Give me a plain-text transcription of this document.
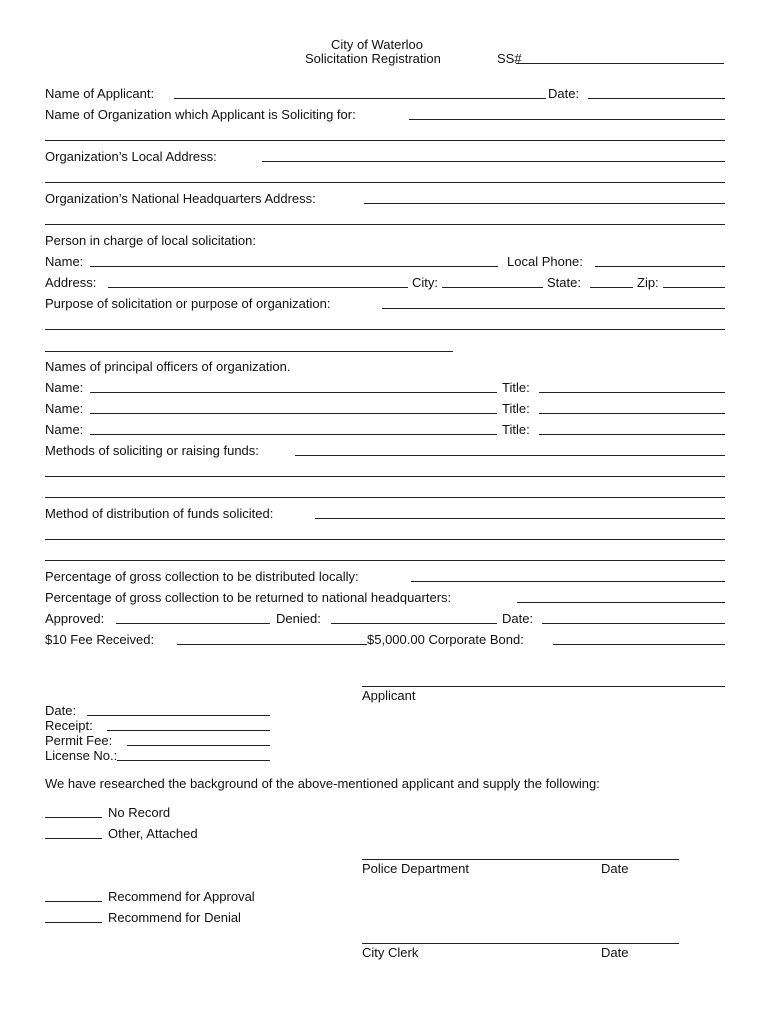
City of Waterloo
Solicitation Registration	SS#
Name of Applicant:	Date:
Name of Organization which Applicant is Soliciting for:
Organization’s Local Address:
Organization’s National Headquarters Address:
Person in charge of local solicitation:
Name:	Local Phone:
Address:	City:	State:	Zip:
Purpose of solicitation or purpose of organization:
Names of principal officers of organization.
Name:	Title:
Name:	Title:
Name:	Title:
Methods of soliciting or raising funds:
Method of distribution of funds solicited:
Percentage of gross collection to be distributed locally:
Percentage of gross collection to be returned to national headquarters:
Approved:	Denied:	Date:
$10 Fee Received:	$5,000.00 Corporate Bond:
Applicant
Date:
Receipt:
Permit Fee:
License No.:
We have researched the background of the above-mentioned applicant and supply the following:
No Record
Other, Attached
Police Department	Date
Recommend for Approval
Recommend for Denial
City Clerk	Date
